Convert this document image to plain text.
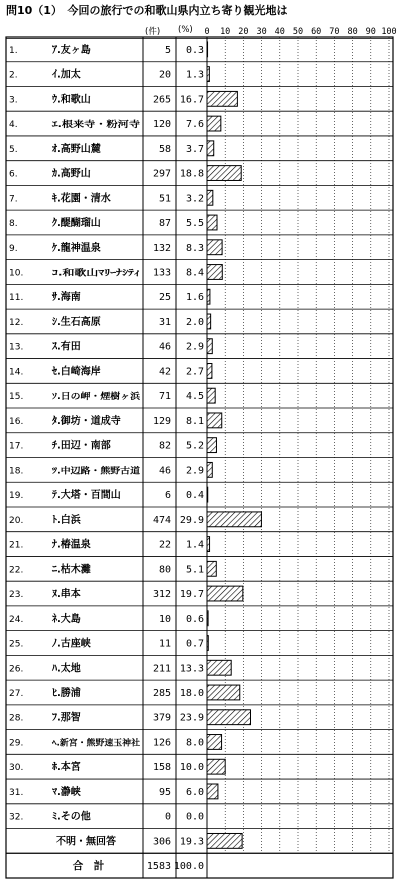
問10（1）　今回の旅行での和歌山県内立ち寄り観光地は
(件) (%) 0 10 20 30 40 50 60 70 80 90 100
1.	ｱ.友ヶ島	5 0.3
2.	ｲ.加太	20 1.3
3.	ｳ.和歌山	265 16.7
4.	ｴ.根来寺・粉河寺	120 7.6
5.	ｵ.高野山麓	58 3.7
6.	ｶ.高野山	297 18.8
7.	ｷ.花園・清水	51 3.2
8.	ｸ.醍醐瑠山	87 5.5
9.	ｹ.龍神温泉	132 8.3
10.	ｺ.和歌山ﾏﾘｰﾅｼﾃｨ	133 8.4
11.	ｻ.海南	25 1.6
12.	ｼ.生石高原	31 2.0
13.	ｽ.有田	46 2.9
14.	ｾ.白崎海岸	42 2.7
15.	ｿ.日の岬・煙樹ヶ浜	71 4.5
16.	ﾀ.御坊・道成寺	129 8.1
17.	ﾁ.田辺・南部	82 5.2
18.	ﾂ.中辺路・熊野古道	46 2.9
19.	ﾃ.大塔・百間山	6 0.4
20.	ﾄ.白浜	474 29.9
21.	ﾅ.椿温泉	22 1.4
22.	ﾆ.枯木灘	80 5.1
23.	ﾇ.串本	312 19.7
24.	ﾈ.大島	10 0.6
25.	ﾉ.古座峡	11 0.7
26.	ﾊ.太地	211 13.3
27.	ﾋ.勝浦	285 18.0
28.	ﾌ.那智	379 23.9
29.	ﾍ.新宮・熊野速玉神社	126 8.0
30.	ﾎ.本宮	158 10.0
31.	ﾏ.瀞峡	95 6.0
32.	ﾐ.その他	0 0.0
不明・無回答	306 19.3
合　計	1583 100.0
